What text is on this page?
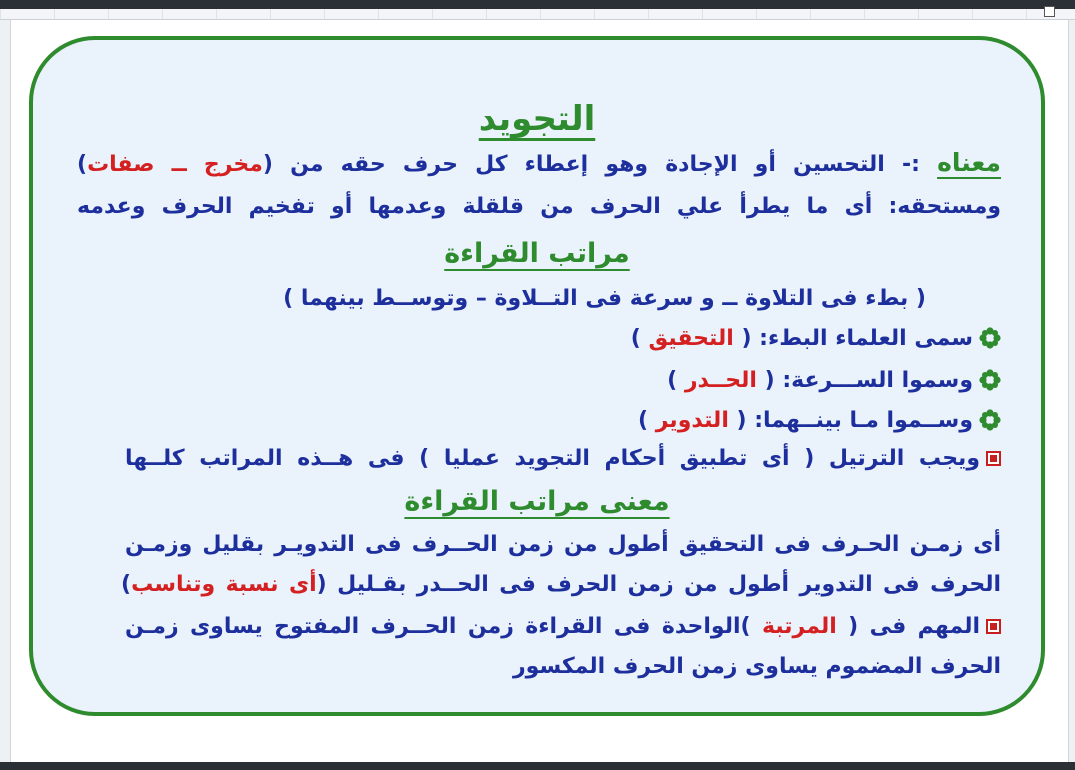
التجويد
معناه :- التحسين أو الإجادة وهو إعطاء كل حرف حقه من (مخرج ــ صفات)
ومستحقه: أى ما يطرأ علي الحرف من قلقلة وعدمها أو تفخيم الحرف وعدمه
مراتب القراءة
( بطء فى التلاوة ــ و سرعة فى التــلاوة – وتوســط بينهما )
سمى العلماء البطء: ( التحقيق )
وسموا الســـرعة: ( الحــدر )
وســموا مـا بينــهما: ( التدوير )
ويجب الترتيل ( أى تطبيق أحكام التجويد عمليا ) فى هــذه المراتب كلــها
معنى مراتب القراءة
أى زمـن الحـرف فى التحقيق أطول من زمن الحــرف فى التدويـر بقليل وزمـن
الحرف فى التدوير أطول من زمن الحرف فى الحــدر بقـليل (أى نسبة وتناسب)
المهم فى ( المرتبة )الواحدة فى القراءة زمن الحــرف المفتوح يساوى زمـن
الحرف المضموم يساوى زمن الحرف المكسور
